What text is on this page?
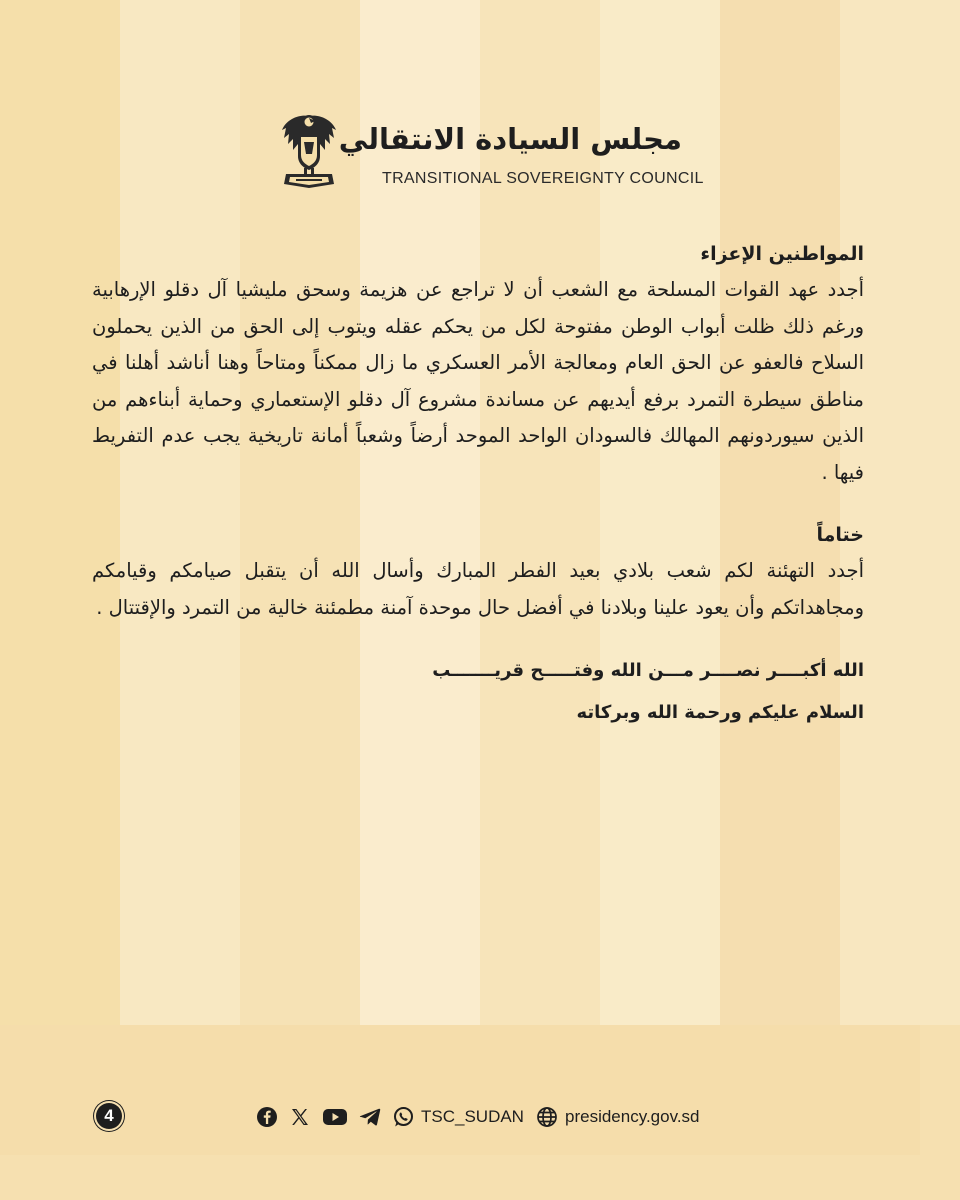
مجلس السيادة الانتقالي
TRANSITIONAL SOVEREIGNTY COUNCIL

المواطنين الإعزاء

أجدد عهد القوات المسلحة مع الشعب أن لا تراجع عن هزيمة وسحق مليشيا آل دقلو الإرهابية ورغم ذلك ظلت أبواب الوطن مفتوحة لكل من يحكم عقله ويتوب إلى الحق من الذين يحملون السلاح فالعفو عن الحق العام ومعالجة الأمر العسكري ما زال ممكناً ومتاحاً وهنا أناشد أهلنا في مناطق سيطرة التمرد برفع أيديهم عن مساندة مشروع آل دقلو الإستعماري وحماية أبناءهم من الذين سيوردونهم المهالك فالسودان الواحد الموحد أرضاً وشعباً أمانة تاريخية يجب عدم التفريط فيها .

ختاماً

أجدد التهئنة لكم شعب بلادي بعيد الفطر المبارك وأسال الله أن يتقبل صيامكم وقيامكم ومجاهداتكم وأن يعود علينا وبلادنا في أفضل حال موحدة آمنة مطمئنة خالية من التمرد والإقتتال .

الله أكبــــر نصــــر مـــن الله وفتـــــح قريـــــــب

السلام عليكم ورحمة الله وبركاته

4	TSC_SUDAN presidency.gov.sd
